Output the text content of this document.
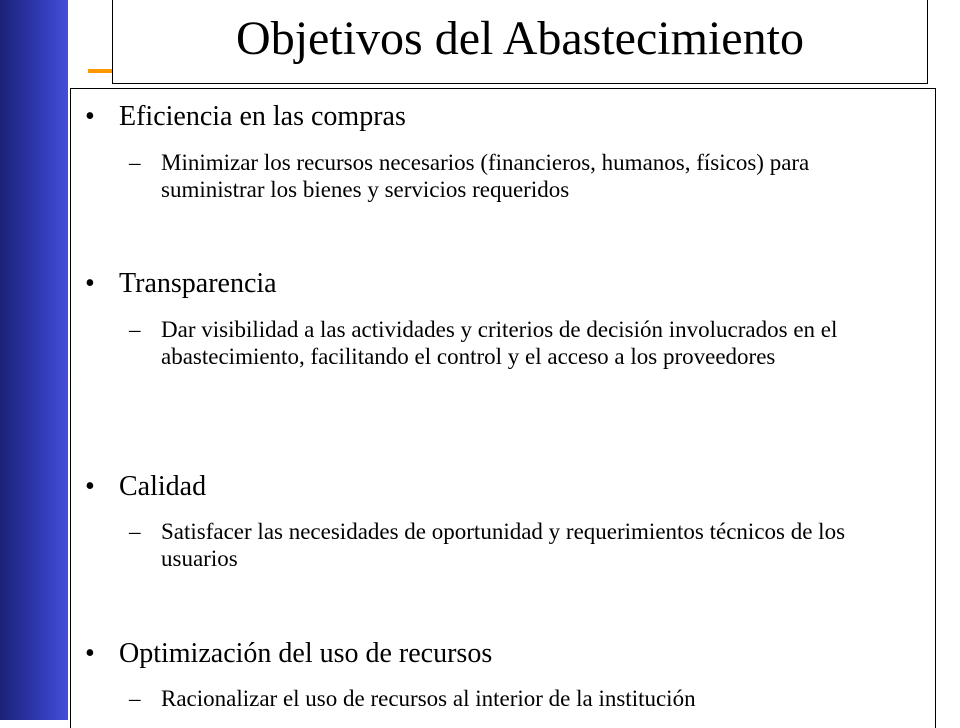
Objetivos del Abastecimiento
• Eficiencia en las compras
– Minimizar los recursos necesarios (financieros, humanos, físicos) para suministrar los bienes y servicios requeridos
• Transparencia
– Dar visibilidad a las actividades y criterios de decisión involucrados en el abastecimiento, facilitando el control y el acceso a los proveedores
• Calidad
– Satisfacer las necesidades de oportunidad y requerimientos técnicos de los usuarios
• Optimización del uso de recursos
– Racionalizar el uso de recursos al interior de la institución
